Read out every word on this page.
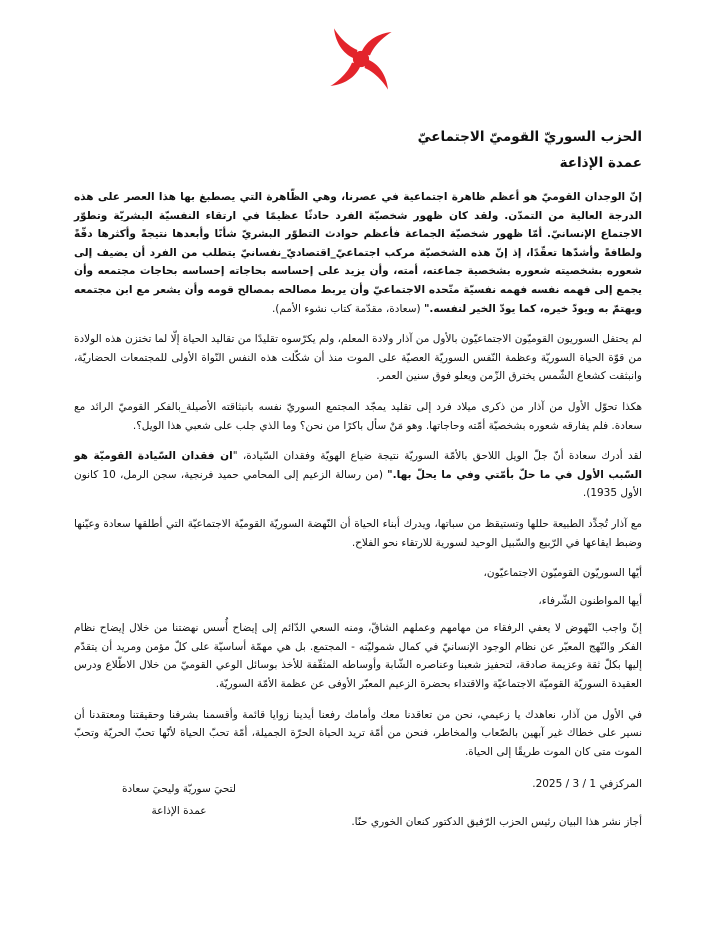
الحزب السوريّ القوميّ الاجتماعيّ
عمدة الإذاعة

إنّ الوجدان القوميّ هو أعظم ظاهرة اجتماعية في عصرنا، وهي الظّاهرة التي يصطبغ بها هذا العصر على هذه الدرجة العالية من التمدّن. ولقد كان ظهور شخصيّة الفرد حادثًا عظيمًا في ارتقاء النفسيّة البشريّة وتطوّر الاجتماع الإنسانيّ. أمّا ظهور شخصيّة الجماعة فأعظم حوادث التطوّر البشريّ شأنًا وأبعدها نتيجةً وأكثرها دقّةً ولطافةً وأشدّها تعقّدًا، إذ إنّ هذه الشخصيّة مركب اجتماعيّ_اقتصاديّ_نفسانيّ يتطلب من الفرد أن يضيف إلى شعوره بشخصيته شعوره بشخصية جماعته، أمته، وأن يزيد على إحساسه بحاجاته إحساسه بحاجات مجتمعه وأن يجمع إلى فهمه نفسه فهمه نفسيّة متّحده الاجتماعيّ وأن يربط مصالحه بمصالح قومه وأن يشعر مع ابن مجتمعه ويهتمّ به ويودّ خيره، كما يودّ الخير لنفسه." (سعادة، مقدّمة كتاب نشوء الأمم).

لم يحتفل السوريون القوميّون الاجتماعيّون بالأول من آذار ولادة المعلم، ولم يكرّسوه تقليدًا من تقاليد الحياة إلّا لما تختزن هذه الولادة من قوّة الحياة السوريّة وعظمة النّفس السوريّة العصيّة على الموت منذ أن شكّلت هذه النفس النّواة الأولى للمجتمعات الحضاريّة، وانبثقت كشعاع الشّمس يخترق الزّمن ويعلو فوق سنين العمر.

هكذا تحوّل الأول من آذار من ذكرى ميلاد فرد إلى تقليد يمجّد المجتمع السوريّ نفسه بانبثاقته الأصيلة_بالفكر القوميّ الرائد مع سعادة. فلم يفارقه شعوره بشخصيّة أمّته وحاجاتها. وهو مَنْ سأل باكرًا من نحن؟ وما الذي جلب على شعبي هذا الويل؟.

لقد أدرك سعادة أنّ جلّ الويل اللاحق بالأمّة السوريّة نتيجة ضياع الهويّة وفقدان السّيادة، "ان فقدان السّيادة القوميّة هو السّبب الأول في ما حلّ بأمّتي وفي ما يحلّ بها." (من رسالة الزعيم إلى المحامي حميد فرنجية، سجن الرمل، 10 كانون الأول 1935).

مع آذار تُجدِّد الطبيعة حللها وتستيقظ من سباتها، ويدرك أبناء الحياة أن النّهضة السوريّة القوميّة الاجتماعيّة التي أطلقها سعادة وعيّنها وضبط ايقاعها في الرّبيع والسّبيل الوحيد لسورية للارتقاء نحو الفلاح.

أيّها السوريّون القوميّون الاجتماعيّون،

أيها المواطنون الشّرفاء،

إنّ واجب النّهوض لا يعفي الرفقاء من مهامهم وعملهم الشاقّ، ومنه السعي الدّائم إلى إيضاح أُسس نهضتنا من خلال إيضاح نظام الفكر والنّهج المعبّر عن نظام الوجود الإنسانيّ في كمال شموليّته - المجتمع. بل هي مهمّة أساسيّة على كلّ مؤمن ومريد أن يتقدّم إليها بكلّ ثقة وعزيمة صادقة، لتحفيز شعبنا وعناصره الشّابة وأوساطه المثقّفة للأخذ بوسائل الوعي القوميّ من خلال الاطّلاع ودرس العقيدة السوريّة القوميّة الاجتماعيّة والاقتداء بحضرة الزعيم المعبّر الأوفى عن عظمة الأمّة السوريّة.

في الأول من آذار، نعاهدك يا زعيمي، نحن من تعاقدنا معك وأمامك رفعنا أيدينا زوايا قائمة وأقسمنا بشرفنا وحقيقتنا ومعتقدنا أن نسير على خطاك غير آبهين بالصّعاب والمخاطر، فنحن من أمّة تريد الحياة الحرّة الجميلة، أمّة تحبّ الحياة لأنّها تحبّ الحريّة وتحبّ الموت متى كان الموت طريقًا إلى الحياة.

المركزفي 1 / 3 / 2025.
لتحيَ سوريّة وليحيَ سعادة
عمدة الإذاعة
أجاز نشر هذا البيان رئيس الحزب الرّفيق الدكتور كنعان الخوري حنّا.
